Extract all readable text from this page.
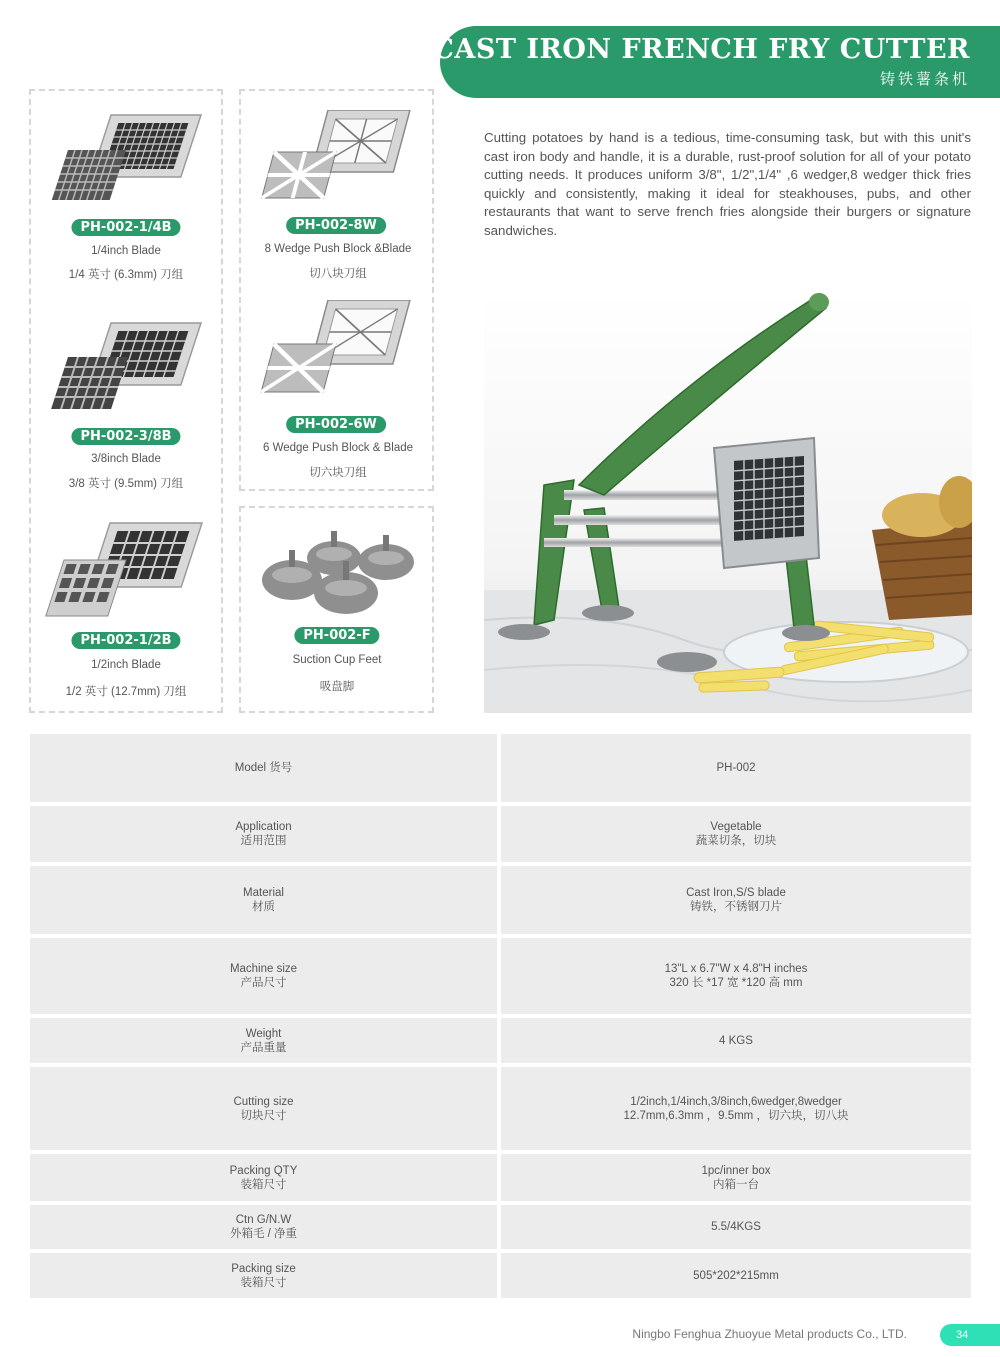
CAST IRON FRENCH FRY CUTTER
铸铁薯条机
PH-002-1/4B
1/4inch Blade
1/4 英寸 (6.3mm) 刀组
PH-002-3/8B
3/8inch Blade
3/8 英寸 (9.5mm) 刀组
PH-002-1/2B
1/2inch Blade
1/2 英寸 (12.7mm) 刀组
PH-002-8W
8 Wedge Push Block &Blade
切八块刀组
PH-002-6W
6 Wedge Push Block & Blade
切六块刀组
PH-002-F
Suction Cup Feet
吸盘脚
Cutting potatoes by hand is a tedious, time-consuming task, but with this unit's cast iron body and handle, it is a durable, rust-proof solution for all of your potato cutting needs. It produces uniform 3/8", 1/2",1/4" ,6 wedger,8 wedger thick fries quickly and consistently, making it ideal for steakhouses, pubs, and other restaurants that want to serve french fries alongside their burgers or signature sandwiches.
Model 货号	PH-002
Application
适用范围
Vegetable
蔬菜切条，切块
Material
材质
Cast Iron,S/S blade
铸铁，不锈钢刀片
Machine size
产品尺寸
13"L x 6.7"W x 4.8"H inches
320 长 *17 宽 *120 高 mm
Weight
产品重量
4 KGS
Cutting size
切块尺寸
1/2inch,1/4inch,3/8inch,6wedger,8wedger
12.7mm,6.3mm ，9.5mm ，切六块，切八块
Packing QTY
装箱尺寸
1pc/inner box
内箱一台
Ctn G/N.W
外箱毛 / 净重
5.5/4KGS
Packing size
装箱尺寸
505*202*215mm
Ningbo Fenghua Zhuoyue Metal products Co., LTD.	34
